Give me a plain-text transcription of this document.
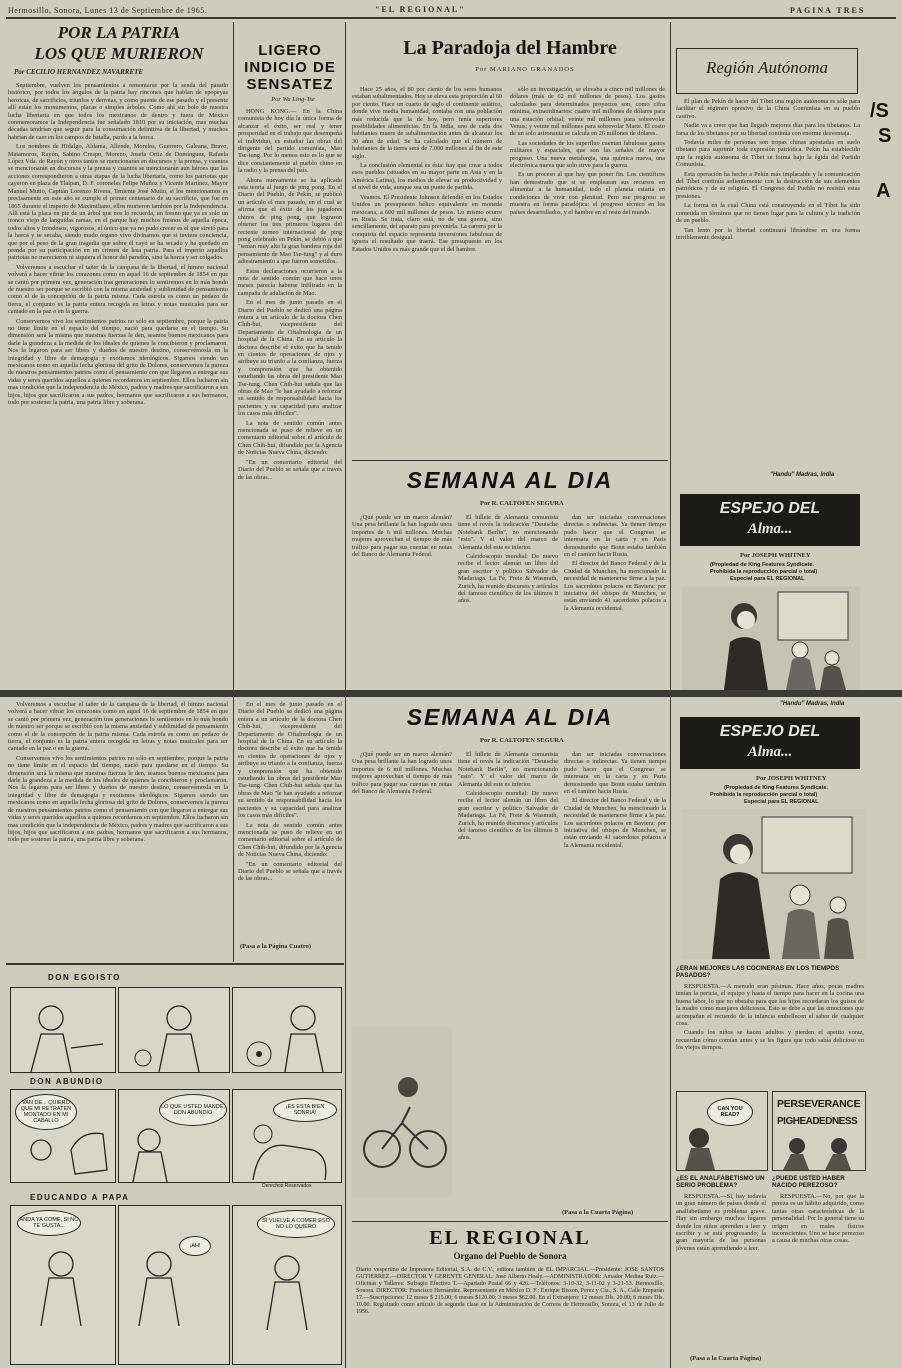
Hermosillo, Sonora, Lunes 13 de Septiembre de 1965.	"EL REGIONAL"	PAGINA TRES
POR LA PATRIA
LOS QUE MURIERON
Por CECILIO HERNANDEZ NAVARRETE

Septiembre, vuelven los pensamientos a remontarse por la senda del pasado histórico, por todos los ángulos de la patria hay rincones que hablan de epopeyas heroicas, de sacrificios, triunfos y derrotas, y como puente de ese pasado y el presente allí están los monumentos, placas o simples árboles. Como ahí sin bolo de nuestra lucha libertaria en que todos los mexicanos de dentro y fuera de México conmemoramos la Independencia fue señalado 1810 por su iniciación, mas muchas décadas tendrían que seguir para la consumación definitiva de la libertad, y muchos habrían de caer en los campos de batalla, pardo a la horca.

Los nombres de Hidalgo, Aldama, Allende, Morelos, Guerrero, Galeana, Bravo, Matamoros, Rayón, Sabino Crespo, Moreno, Josefa Ortiz de Domínguez, Rafaela López Vda. de Rayón y otros tantos se mencionarán en discursos y la prensa, y cuantos se mencionarán en discursos y la prensa y cuantos se mencionarán aun héroes que las acciones correspondieron a otras etapas de la lucha libertaria, como los patriotas que cayeron en plaza de Tlalpan, D. F. coroneles Felipe Muñoz y Vicente Martínez, Mayor Manuel Mutio, Capitán Lorenzo Rivera, Teniente José Mutio, si los mencionamos es precisamente en este año se cumple el primer centenario de su sacrificio, que fue en 1865 durante el imperio de Maximiliano, ellos murieron también por la Independencia. Allí está la placa en pie de un árbol que nos lo recuerda, un fresno que ya es solo un tronco viejo de languidas ramas, en el parque hay muchos fresnos de aquella época, todos altos y frondosos, vigorosos, el único que ya no pudo crecer es el que sirvió para la horca y se secaba, siendo mudo órgano vivo divinamos que si tuviera conciencia, que por el peso de la gran tragedia que sobre él cayó se ha secado y ha quedado en prenda por su participación en un crimen de lesa patria. Para el imperio aquellos patriotas no merecieron ni siquiera el honor del paredón, sino la horca y ser colgados.

Volveremos a escuchar el tañer de la campana de la libertad, el himno nacional volverá a hacer vibrar los corazones como en aquel 16 de septiembre de 1854 en que se cantó por primera vez, generación tras generaciones lo sentiremos en lo más hondo de nuestro ser porque se escribió con la misma ansiedad y sublimidad de pensamiento como el de la concepción de la patria misma. Cada estrofa es como un pedazo de tierra, el conjunto es la patria entera recogida en letras y notas musicales para ser cantado en la paz o en la guerra.

Conservemos vivo los sentimientos patrios no sólo en septiembre, porque la patria no tiene límite en el espacio del tiempo, nació para quedarse en el tiempo. Su dimensión será la misma que nuestras fuerzas le den, seamos buenos mexicanos para darle la grandeza a la medida de los ideales de quienes la concibieron y proclamaron. Nos la legaron para ser libres y dueños de nuestro destino, conservémosla en la integridad y libre de demagogia y exotismos ideológicos. Sigamos siendo tan mexicanos como en aquella fecha gloriosa del grito de Dolores, conservemos la pureza de nuestros pensamientos patrios como el pensamiento con que llegaron a entregar sus vidas y seres queridos aquellos a quienes recordamos en septiembre. Ellos lucharon sin mas condición que la independencia de México, padres y madres que sacrificaron a sus hijos, hijos que sacrificaron a sus padres, hermanos que sacrificaron a sus hermanos, todo por sostener la patria, una patria libre y soberana.

LIGERO
INDICIO DE
SENSATEZ
Por Wa Ling-Tse

HONG KONG.— En la China comunista de hoy día la única forma de alcanzar el éxito, ser real y tener prosperidad en el trabajo que desempeña el individuo, es estudiar las obras del dirigente del partido comunista, Mao Tse-tung. Por lo menos esto es lo que se dice constantemente al pueblo chino en la radio y la prensa del país.

Ahora nuevamente se ha aplicado esta teoría al juego de ping pong. En el Diario del Pueblo, de Pekín, se publicó un artículo el mes pasado, en el cual se afirma que el éxito de los jugadores chinos de ping pong, que lograron obtener los tres primeros lugares del reciente torneo internacional de ping pong celebrado en Pekín, se debió a que "tenían muy alto la gran bandera roja del pensamiento de Mao Tse-tung" y al duro adiestramiento a que fueron sometidos.

Estas declaraciones ocurrieron a la nota de sentido común que hace unos meses parecía haberse infiltrado en la campaña de adulación de Mao.

En el mes de junio pasado en el Diario del Pueblo se dedicó una página entera a un artículo de la doctora Chen Chih-hui, vicepresidente del Departamento de Oftalmología de un hospital de la China. En su artículo la doctora describe el éxito que ha tenido en cientos de operaciones de ojos y atribuye su triunfo a la confianza, fuerza y comprensión que ha obtenido estudiando las obras del presidente Mao Tse-tung. Chen Chih-hui señala que las obras de Mao "le han ayudado a reforzar su sentido de responsabilidad hacia los pacientes y su capacidad para analizar los casos más difíciles".

La nota de sentido común antes mencionada se puso de relieve en un comentario editorial sobre el artículo de Chen Chih-hui, difundido por la Agencia de Noticias Nueva China, diciendo:

"En un comentario editorial del Diario del Pueblo se señala que a través de las obras...

La Paradoja del Hambre
Por MARIANO GRANADOS

Hace 25 años, el 80 por ciento de los seres humanos estaban subalimentados. Hoy se eleva esta proporción al 60 por ciento. Hace un cuarto de siglo el continente asiático, donde vive media humanidad, contaba con una población más reducida que la de hoy, pero tenía superiores posibilidades alimenticias. En la India, uno de cada dos habitantes muere de subalimentación antes de alcanzar los 30 años de edad. Se ha calculado que el número de habitantes de la tierra será de 7.000 millones al fin de este siglo.

La conclusión elemental es ésta: hay que crear a todos esos pueblos (situados en su mayor parte en Asia y en la América Latina), los medios de elevar su productividad y el nivel de vida, aunque sea un punto de partida.

Veamos. El Presidente Johnson defendió en los Estados Unidos un presupuesto bélico equivalente en moneda mexicana, a 600 mil millones de pesos. Lo mismo ocurre en Rusia. Se trata, claro está, no de una guerra, sino sencillamente, del aparato para prevenirla. La carrera por la conquista del espacio representa inversiones fabulosas de ignora el resultado que traerá. Ese presupuesto en los Estados Unidos es más grande que el del hambre.

sólo en investigación, se elevaba a cinco mil millones de dólares (más de 62 mil millones de pesos). Los gastos calculados para determinados proyectos son, como cifra mínima, extraordinarios: cuatro mil millones de dólares para una estación orbital; veinte mil millones para sobrevolar Venus; y veinte mil millones para sobrevolar Marte. El costo de un solo astronauta se calcula en 26 millones de dólares.

Las sociedades de los superfluo cuentan fabulosas gastos militares y espaciales, que son las señales de mayor progreso. Una nueva metalurgia, una química nueva, una electrónica nueva que solo sirve para la guerra.

Es un proceso al que hay que poner fin. Los científicos han demostrado que si se emplearan sus recursos en alimentar a la humanidad, todo el planeta estaría en condiciones de vivir con plenitud. Pero ese progreso se muestra en forma paradójica: el progreso técnico en los países desarrollados, y el hambre en el resto del mundo.

SEMANA AL DIA
Por R. CALTOFEN SEGURA

¿Qué puede ser un marco alemán? Una pesa brillante la han logrado unos importes de 6 mil millones. Muchas mujeres aprovechan el tiempo de más tráfico para pagar sus cuentas en notas del Banco de Alemania Federal.

El billete de Alemania comunista tiene el revés la indicación "Deutsche Notebank Berlin", no mencionando "esto". Y el valor del marco de Alemania del este es inferior.

Caleidoscopio mundial: De nuevo recibe el lector alemán un libro del gran escritor y político Salvador de Madariaga. La Fé, Freie & Wasmuth, Zurich, ha reunido discursos y artículos del famoso científico de los últimos 8 años.

dan ser iniciadas conversaciones directas o indirectas. Ya tienen tiempo pudo hacer que el Congreso se interesara en la carta y en Paris demostrando que Bonn estaba también en el camino hacia Rusia.

El director del Banco Federal y de la Ciudad de Munchen, ha mencionado la necesidad de mantenerse firme a la paz. Los sacerdotes polacos en Baviera: por iniciativa del obispo de Munchen, se están enviando 41 sacerdotes polacos a la Alemania occidental.

Región Autónoma

El plan de Pekín de hacer del Tíbet una región autónoma es sólo para facilitar el régimen opresivo de la China Comunista en su pueblo cautivo.

Nadie va a creer que han llegado mejores días para los tibetanos. La farsa de los tibetanos por su libertad continúa con enorme desventaja.

Todavía miles de personas son tropas chinas apostadas en suelo tibetano para suprimir toda expresión patriótica. Pekín ha establecido que la región autónoma de Tíbet se forma bajo la égida del Partido Comunista.

Esta operación ha hecho a Pekín más implacable y la comunicación del Tíbet continúa ardientemente con la destrucción de sus elementos patrióticos y de su religión. El Congreso del Pueblo no resistió estas presiones.

La forma en la cual China está construyendo en el Tíbet ha sido cometida en términos que no tienen lugar para la cultura y la tradición de un pueblo.

Tan lento por la libertad continuará librándose en una forma terriblemente desigual.

"Handu" Madras, India
/S
S
A
ESPEJO DEL
Alma...
Por JOSEPH WHITNEY
(Propiedad de King Features Syndicate.
Prohibida la reproducción parcial o total)
Especial para EL REGIONAL

Volveremos a escuchar el tañer de la campana de la libertad, el himno nacional volverá a hacer vibrar los corazones como en aquel 16 de septiembre de 1854 en que se cantó por primera vez, generación tras generaciones lo sentiremos en lo más hondo de nuestro ser porque se escribió con la misma ansiedad y sublimidad de pensamiento como el de la concepción de la patria misma. Cada estrofa es como un pedazo de tierra, el conjunto es la patria entera recogida en letras y notas musicales para ser cantado en la paz o en la guerra.

Conservemos vivo los sentimientos patrios no sólo en septiembre, porque la patria no tiene límite en el espacio del tiempo, nació para quedarse en el tiempo. Su dimensión será la misma que nuestras fuerzas le den, seamos buenos mexicanos para darle la grandeza a la medida de los ideales de quienes la concibieron y proclamaron. Nos la legaron para ser libres y dueños de nuestro destino, conservémosla en la integridad y libre de demagogia y exotismos ideológicos. Sigamos siendo tan mexicanos como en aquella fecha gloriosa del grito de Dolores, conservemos la pureza de nuestros pensamientos patrios como el pensamiento con que llegaron a entregar sus vidas y seres queridos aquellos a quienes recordamos en septiembre. Ellos lucharon sin mas condición que la independencia de México, padres y madres que sacrificaron a sus hijos, hijos que sacrificaron a sus padres, hermanos que sacrificaron a sus hermanos, todo por sostener la patria, una patria libre y soberana.

En el mes de junio pasado en el Diario del Pueblo se dedicó una página entera a un artículo de la doctora Chen Chih-hui, vicepresidente del Departamento de Oftalmología de un hospital de la China. En su artículo la doctora describe el éxito que ha tenido en cientos de operaciones de ojos y atribuye su triunfo a la confianza, fuerza y comprensión que ha obtenido estudiando las obras del presidente Mao Tse-tung. Chen Chih-hui señala que las obras de Mao "le han ayudado a reforzar su sentido de responsabilidad hacia los pacientes y su capacidad para analizar los casos más difíciles".

La nota de sentido común antes mencionada se puso de relieve en un comentario editorial sobre el artículo de Chen Chih-hui, difundido por la Agencia de Noticias Nueva China, diciendo:

"En un comentario editorial del Diario del Pueblo se señala que a través de las obras...

(Pasa a la Página Cuatro)
DON EGOISTO
DON ABUNDIO
VAN DE... QUIERO QUE MI RETRATEN MONTADO EN MI CABALLO
LO QUE USTED MANDE, DON ABUNDIO
¡ES ESTA BIEN SONRIA!
Derechos Reservados
EDUCANDO A PAPA
ANDA YA COME, SI NO TE GUSTA...
¡AH!
SI VUELVE A COMER ESO NO LO QUIERO
SEMANA AL DIA
Por R. CALTOFEN SEGURA

¿Qué puede ser un marco alemán? Una pesa brillante la han logrado unos importes de 6 mil millones. Muchas mujeres aprovechan el tiempo de más tráfico para pagar sus cuentas en notas del Banco de Alemania Federal.

El billete de Alemania comunista tiene el revés la indicación "Deutsche Notebank Berlin", no mencionando "esto". Y el valor del marco de Alemania del este es inferior.

Caleidoscopio mundial: De nuevo recibe el lector alemán un libro del gran escritor y político Salvador de Madariaga. La Fé, Freie & Wasmuth, Zurich, ha reunido discursos y artículos del famoso científico de los últimos 8 años.

dan ser iniciadas conversaciones directas o indirectas. Ya tienen tiempo pudo hacer que el Congreso se interesara en la carta y en Paris demostrando que Bonn estaba también en el camino hacia Rusia.

El director del Banco Federal y de la Ciudad de Munchen, ha mencionado la necesidad de mantenerse firme a la paz. Los sacerdotes polacos en Baviera: por iniciativa del obispo de Munchen, se están enviando 41 sacerdotes polacos a la Alemania occidental.

(Pasa a la Cuarta Página)
EL REGIONAL
Organo del Pueblo de Sonora
Diario vespertino de Impresora Editorial, S.A. de C.V., editora también de EL IMPARCIAL.—Presidente: JOSE SANTOS GUTIERREZ.—DIRECTOR Y GERENTE GENERAL: José Alberto Healy.—ADMINISTRADOR: Amador Medina Ruiz.—Oficinas y Talleres: Sufragio Efectivo T.—Apartado Postal 66 y 426.—Teléfonos: 3-10-32, 3-11-02 y 3-21-53. Hermosillo, Sonora. DIRECTOR: Francisco Hernández. Representante en México D. F.: Enrique Bisson, Perez y Cía., S. A., Calle Emparán 17.—Suscripciones: 12 meses $ 215.00; 6 meses $120.00; 3 meses $62.00. En el Extranjero: 12 meses Dls. 20.00; 6 meses Dls. 10.00. Registrado como artículo de segunda clase en la Administración de Correos de Hermosillo, Sonora, el 13 de Julio de 1956.
"Handu" Madras, India
ESPEJO DEL
Alma...
Por JOSEPH WHITNEY
(Propiedad de King Features Syndicate.
Prohibida la reproducción parcial o total)
Especial para EL REGIONAL
¿ERAN MEJORES LAS COCINERAS EN LOS TIEMPOS PASADOS?

RESPUESTA.—A menudo eran pésimas. Hace años, pocas madres tenían la pericia, el equipo y hasta el tiempo para hacer en la cocina una buena labor, lo que no obstaba para que los hijos recordaran los guisos de la madre como manjares deliciosos. Esto se debe a que las emociones que acompañan el recuerdo de la infancia embellecen el sabor de cualquier cosa.

Cuando los niños se hacen adultos y pierden el apetito voraz, recuerdan cómo comían antes y se les figura que todo sabía delicioso en los viejos tiempos.

CAN YOU READ?
PERSEVERANCE
PIGHEADEDNESS
¿ES EL ANALFABETISMO UN SERIO PROBLEMA?

RESPUESTA.—Si, hay todavía un gran número de países donde el analfabetismo es problema grave. Hay sin embargo muchos lugares donde los niños aprenden a leer y escribir y se está progresando; la gran mayoría de las personas jóvenes están aprendiendo a leer.

¿PUEDE USTED HABER NACIDO PEREZOSO?

RESPUESTA.—No, por que la pereza es un hábito adquirido, como tantas otras características de la personalidad. Por lo general tiene su origen en males físicos inconscientes. Uno se hace perezoso a causa de muchas otras cosas.

(Pasa a la Cuarta Página)
